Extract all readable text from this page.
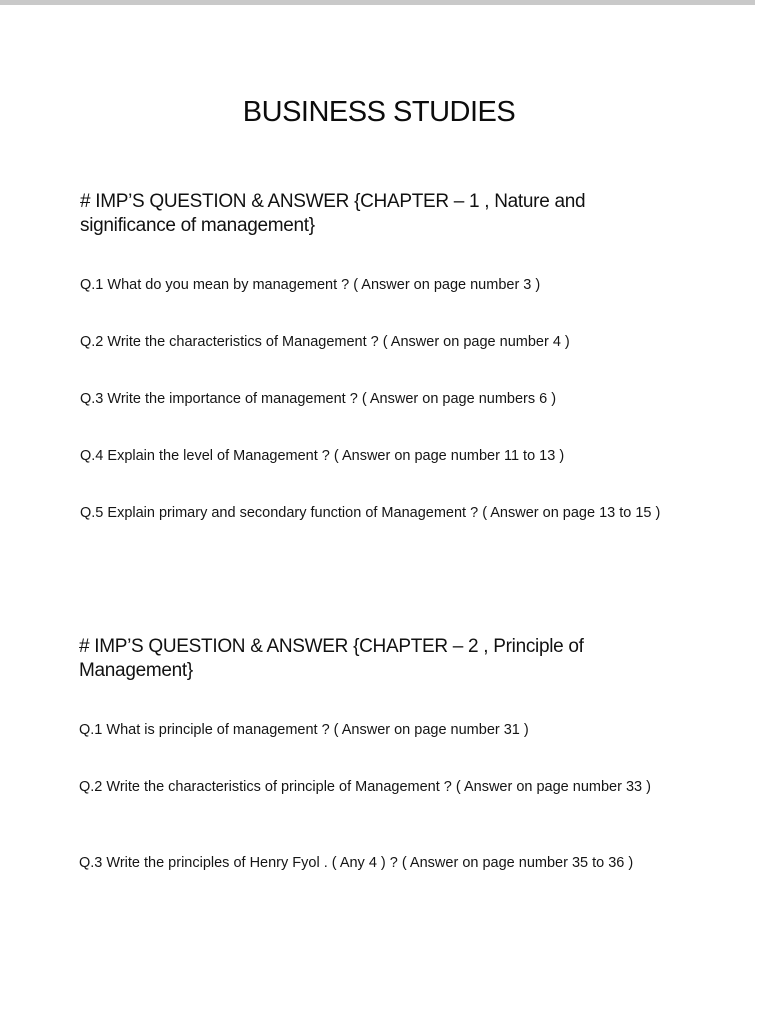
BUSINESS STUDIES
# IMP’S QUESTION & ANSWER {CHAPTER – 1 , Nature and significance of management}
Q.1 What do you mean by management ? ( Answer on page number 3 )
Q.2 Write the characteristics of Management ? ( Answer on page number 4 )
Q.3 Write the importance of management ? ( Answer on page numbers 6 )
Q.4 Explain the level of Management ? ( Answer on page number 11 to 13 )
Q.5 Explain primary and secondary function of Management ? ( Answer on page 13 to 15 )
# IMP’S QUESTION & ANSWER {CHAPTER – 2 , Principle of Management}
Q.1 What is principle of management ? ( Answer on page number 31 )
Q.2 Write the characteristics of principle of Management ? ( Answer on page number 33 )
Q.3 Write the principles of Henry Fyol . ( Any 4 ) ? ( Answer on page number 35 to 36 )
